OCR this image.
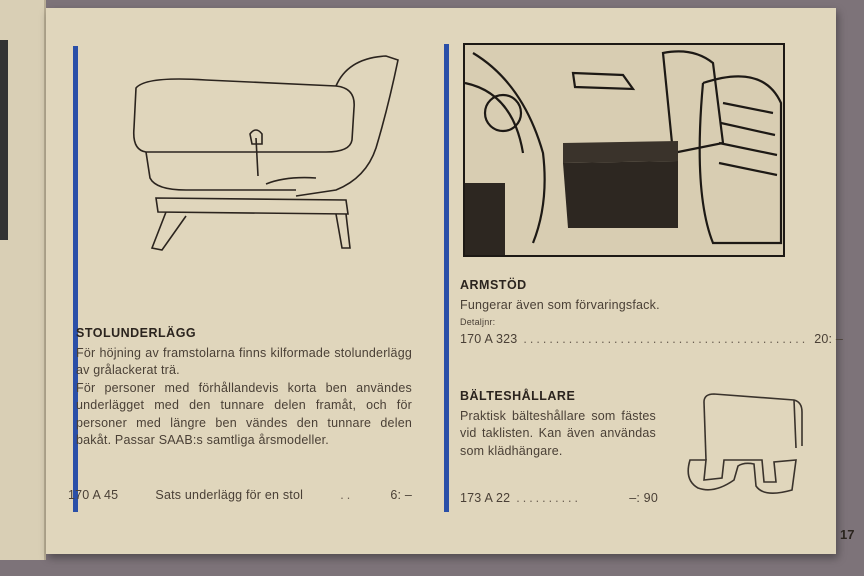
STOLUNDERLÄGG
För höjning av framstolarna finns kilformade stolunderlägg av grålackerat trä.
För personer med förhållandevis korta ben användes underlägget med den tunnare delen framåt, och för personer med längre ben vändes den tunnare delen bakåt. Passar SAAB:s samtliga årsmodeller.
170 A 45	Sats underlägg för en stol	..	6: –
ARMSTÖD
Fungerar även som förvaringsfack.
Detaljnr:
170 A 323 ............................................ 20: –
BÄLTESHÅLLARE
Praktisk bälteshållare som fästes vid taklisten. Kan även användas som klädhängare.
173 A 22 ..........	–: 90
17
